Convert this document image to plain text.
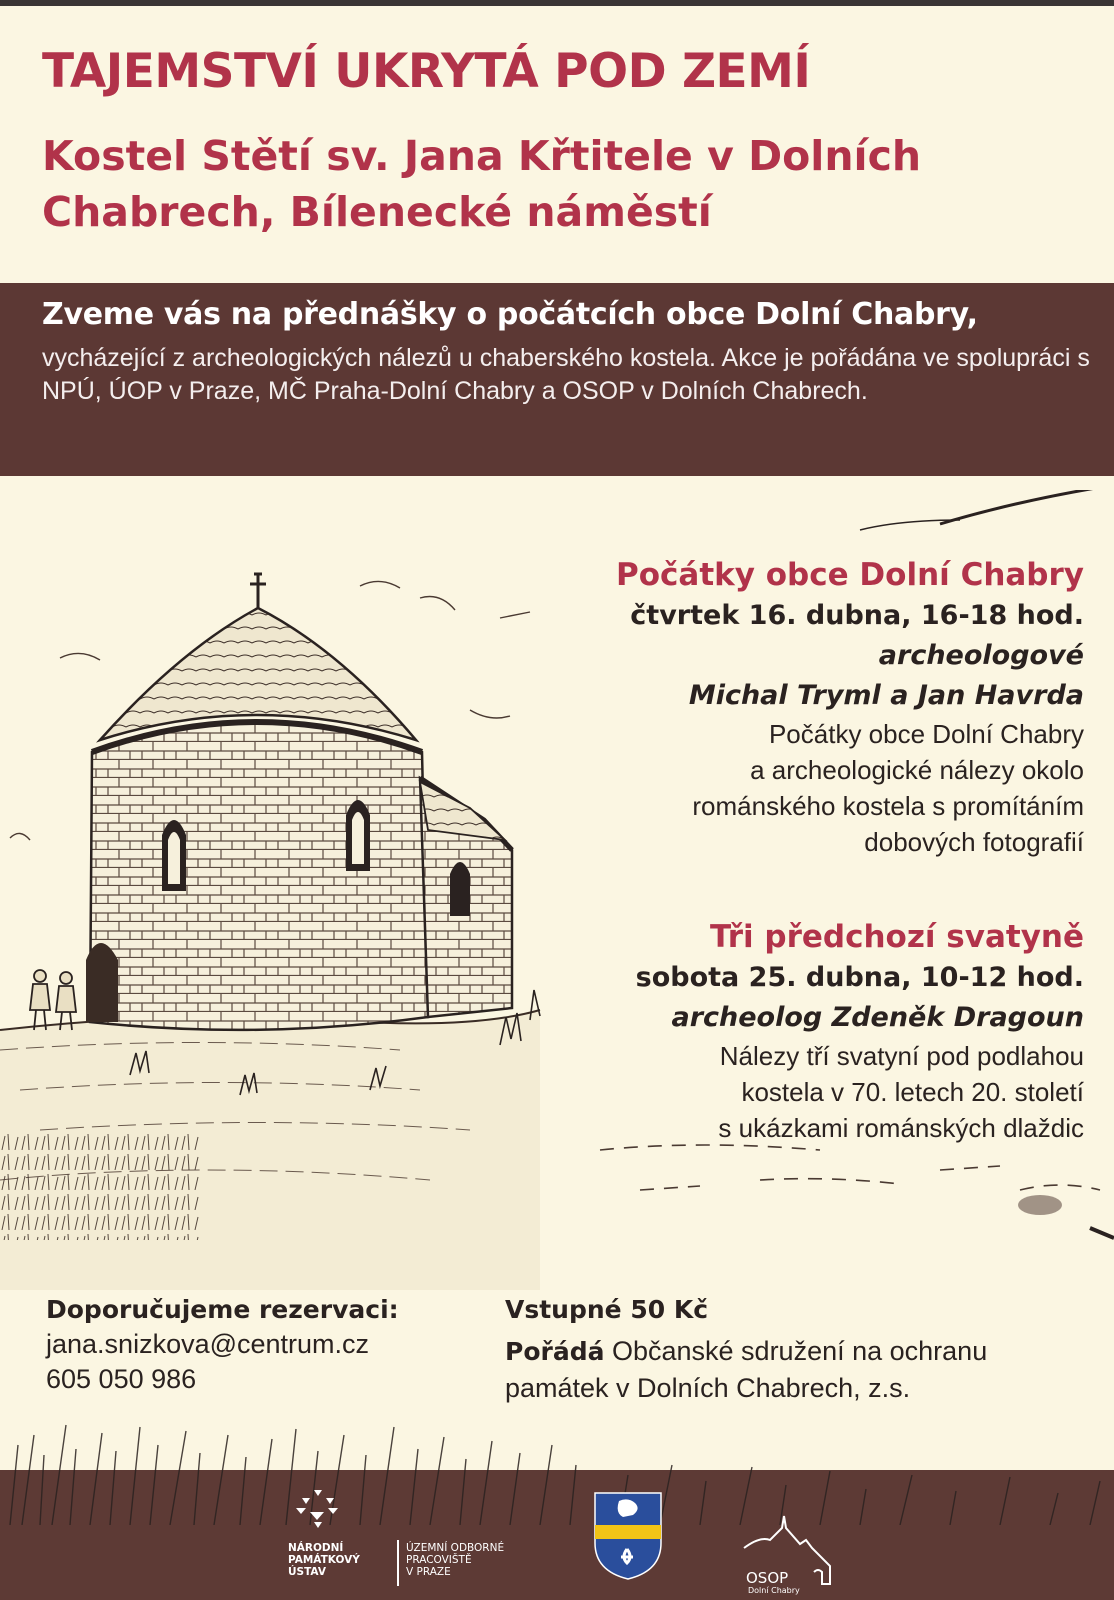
TAJEMSTVÍ UKRYTÁ POD ZEMÍ
Kostel Stětí sv. Jana Křtitele v Dolních Chabrech, Bílenecké náměstí
Zveme vás na přednášky o počátcích obce Dolní Chabry,
vycházející z archeologických nálezů u chaberského kostela. Akce je pořádána ve spolupráci s NPÚ, ÚOP v Praze, MČ Praha-Dolní Chabry a OSOP v Dolních Chabrech.
Počátky obce Dolní Chabry
čtvrtek 16. dubna, 16-18 hod.
archeologové
Michal Tryml a Jan Havrda
Počátky obce Dolní Chabry
a archeologické nálezy okolo
románského kostela s promítáním
dobových fotografií
Tři předchozí svatyně
sobota 25. dubna, 10-12 hod.
archeolog Zdeněk Dragoun
Nálezy tří svatyní pod podlahou
kostela v 70. letech 20. století
s ukázkami románských dlaždic
Doporučujeme rezervaci:
jana.snizkova@centrum.cz
605 050 986
Vstupné 50 Kč
Pořádá Občanské sdružení na ochranu památek v Dolních Chabrech, z.s.
NÁRODNÍ
PAMÁTKOVÝ
ÚSTAV
ÚZEMNÍ ODBORNÉ
PRACOVIŠTĚ
V PRAZE	OSOP
Dolní Chabry
